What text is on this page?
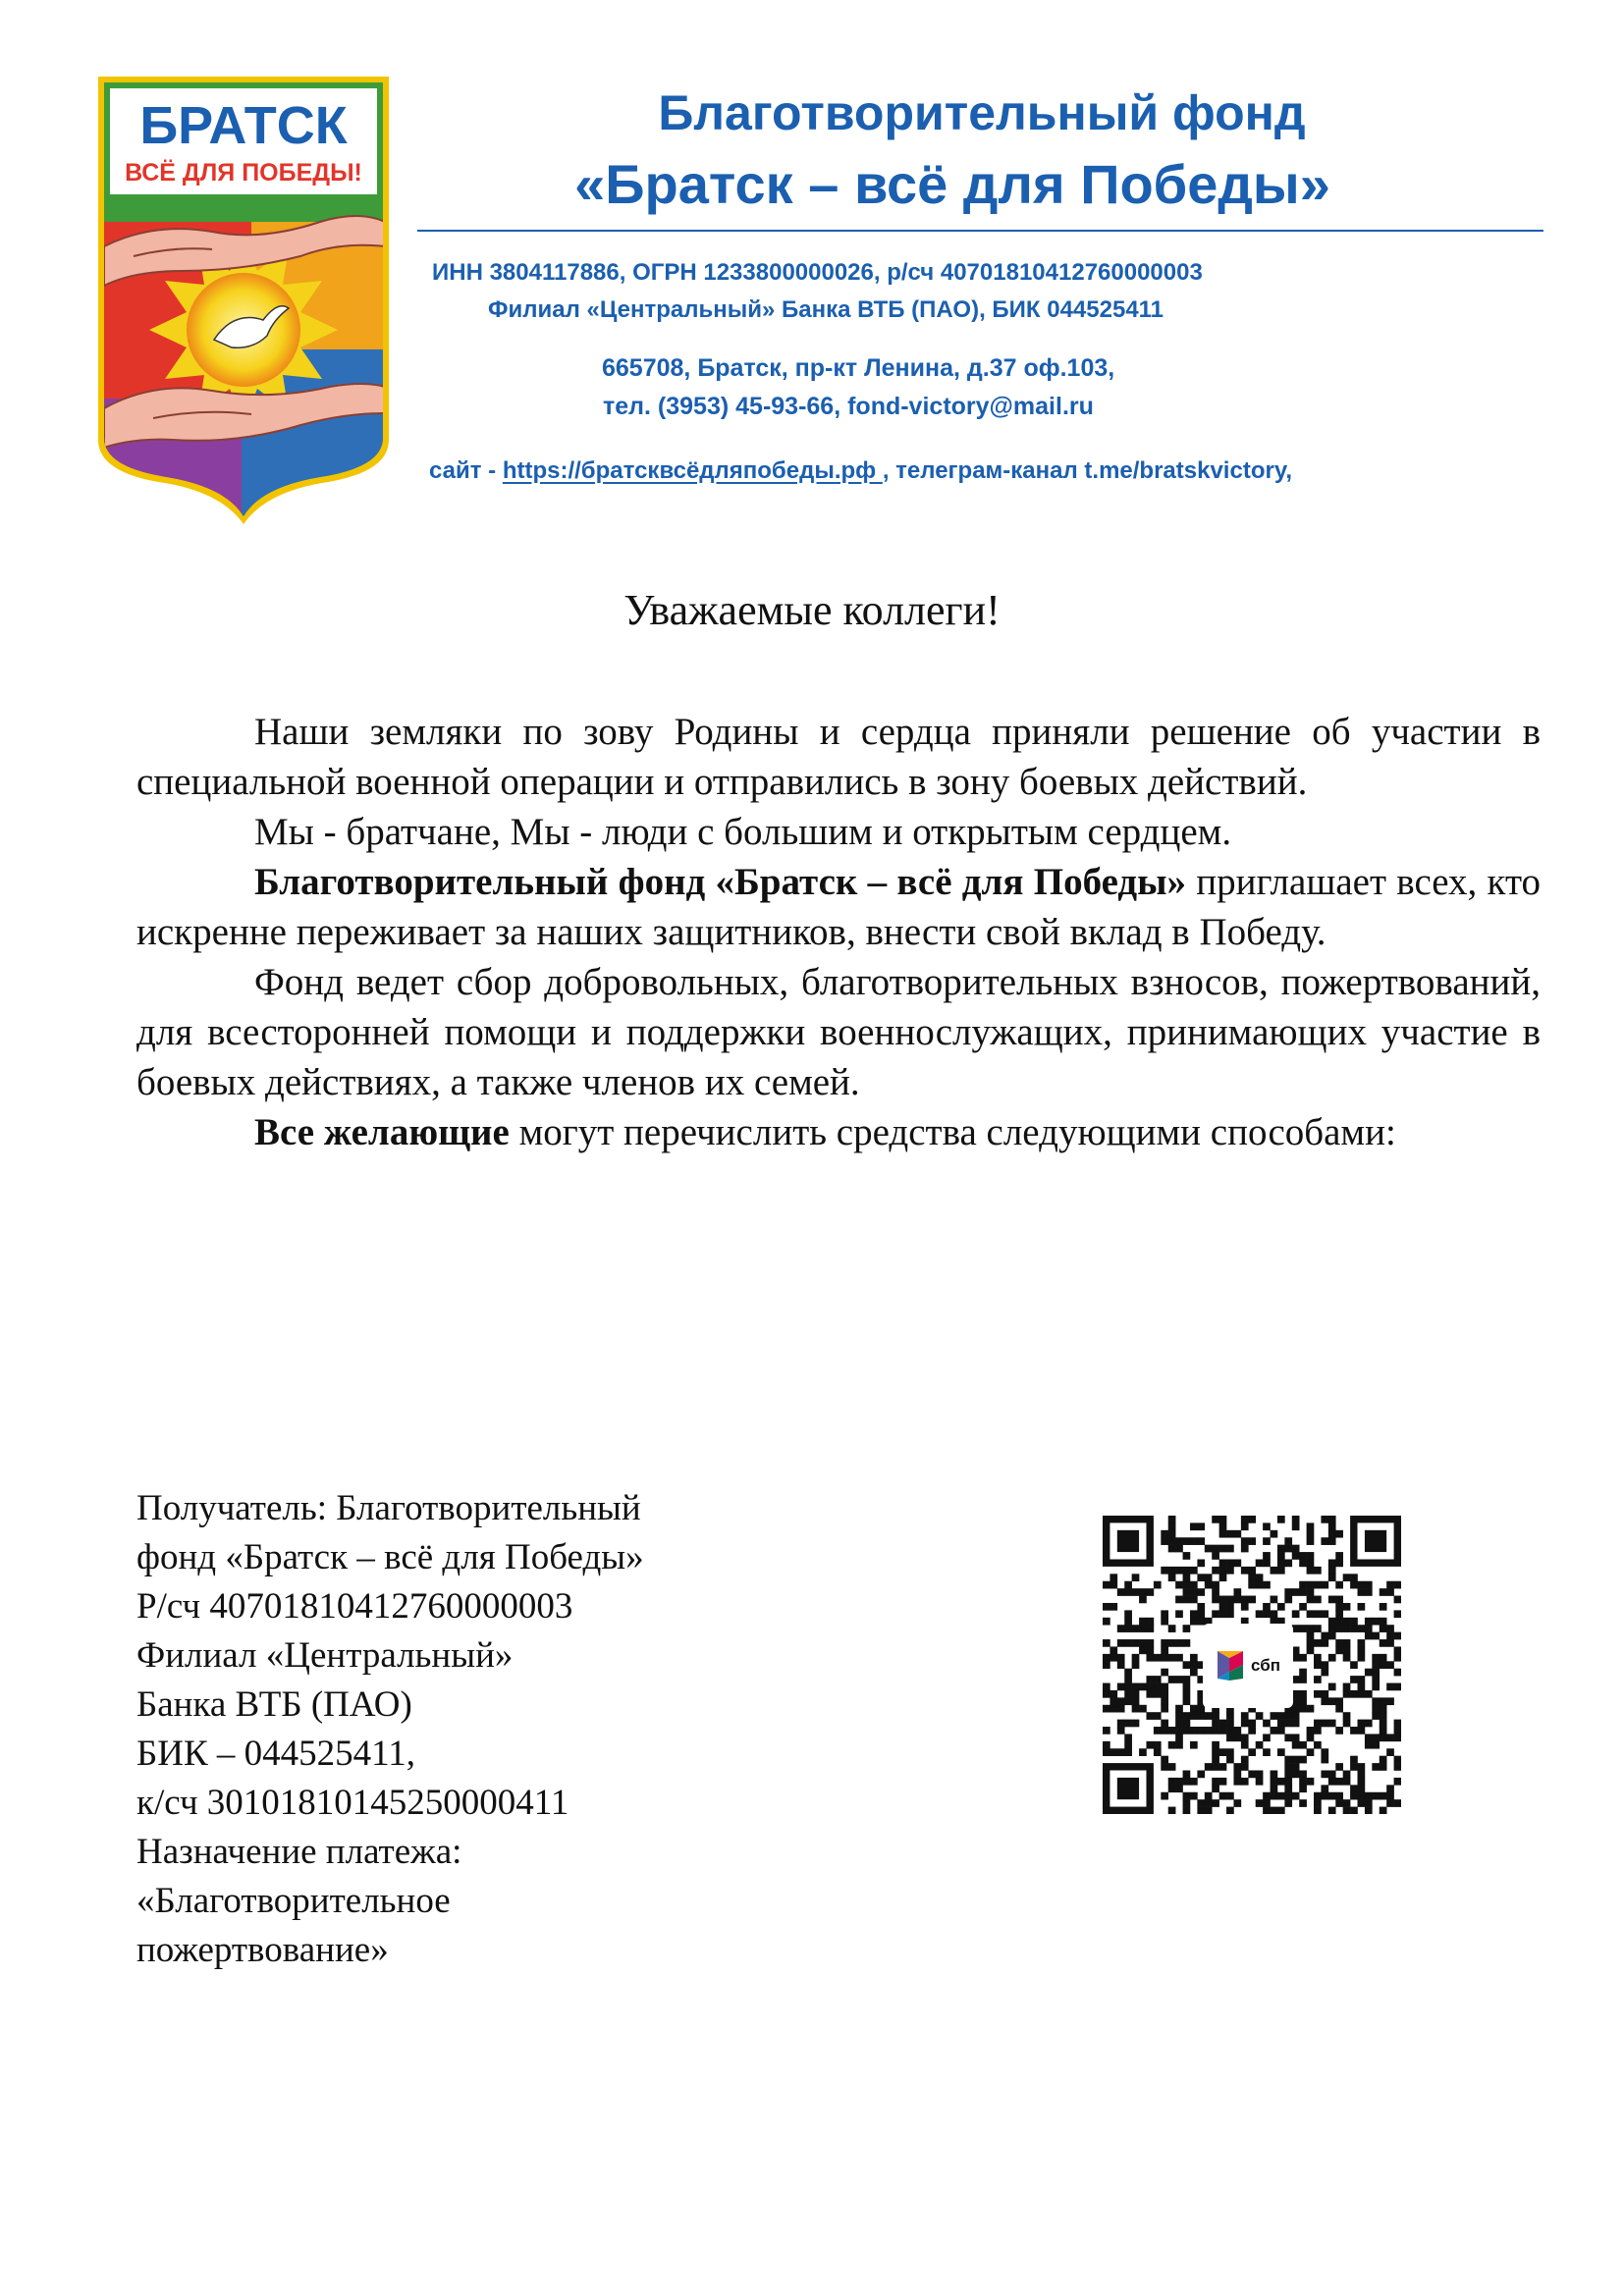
БРАТСК
ВСЁ ДЛЯ ПОБЕДЫ!
Благотворительный фонд
«Братск – всё для Победы»
ИНН 3804117886, ОГРН 1233800000026, р/сч 40701810412760000003
Филиал «Центральный» Банка ВТБ (ПАО), БИК 044525411
665708, Братск, пр-кт Ленина, д.37 оф.103,
тел. (3953) 45-93-66, fond-victory@mail.ru
сайт - https://братсквсёдляпобеды.рф , телеграм-канал t.me/bratskvictory,
Уважаемые коллеги!

Наши земляки по зову Родины и сердца приняли решение об участии в специальной военной операции и отправились в зону боевых действий.

Мы - братчане, Мы - люди с большим и открытым сердцем.

Благотворительный фонд «Братск – всё для Победы» приглашает всех, кто искренне переживает за наших защитников, внести свой вклад в Победу.

Фонд ведет сбор добровольных, благотворительных взносов, пожертвований, для всесторонней помощи и поддержки военнослужащих, принимающих участие в боевых действиях, а также членов их семей.

Все желающие могут перечислить средства следующими способами:

Получатель: Благотворительный
фонд «Братск – всё для Победы»
Р/сч 40701810412760000003
Филиал «Центральный»
Банка ВТБ (ПАО)
БИК – 044525411,
к/сч 30101810145250000411
Назначение платежа:
«Благотворительное
пожертвование»
сбп
